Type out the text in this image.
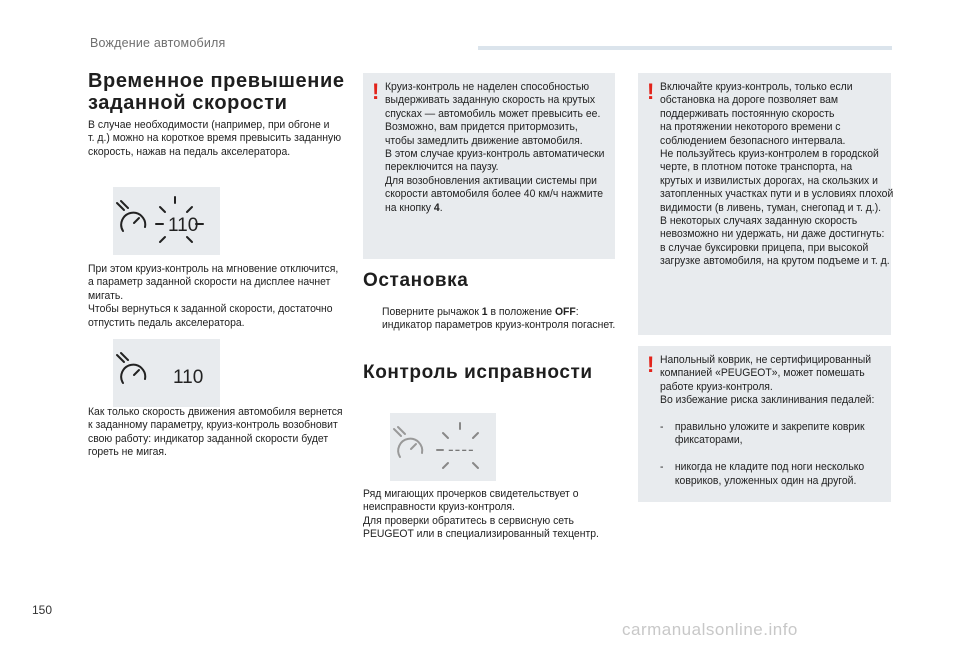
Вождение автомобиля
Временное превышение
заданной скорости
В случае необходимости (например, при обгоне и
т. д.) можно на короткое время превысить заданную
скорость, нажав на педаль акселератора.
110
При этом круиз-контроль на мгновение отключится,
а параметр заданной скорости на дисплее начнет
мигать.
Чтобы вернуться к заданной скорости, достаточно
отпустить педаль акселератора.
110
Как только скорость движения автомобиля вернется
к заданному параметру, круиз-контроль возобновит
свою работу: индикатор заданной скорости будет
гореть не мигая.
! Круиз-контроль не наделен способностью
выдерживать заданную скорость на крутых
спусках — автомобиль может превысить ее.
Возможно, вам придется притормозить,
чтобы замедлить движение автомобиля.
В этом случае круиз-контроль автоматически
переключится на паузу.
Для возобновления активации системы при
скорости автомобиля более 40 км/ч нажмите
на кнопку 4.
Остановка
Поверните рычажок 1 в положение OFF:
индикатор параметров круиз-контроля погаснет.
Контроль исправности
----
Ряд мигающих прочерков свидетельствует о
неисправности круиз-контроля.
Для проверки обратитесь в сервисную сеть
PEUGEOT или в специализированный техцентр.
! Включайте круиз-контроль, только если
обстановка на дороге позволяет вам
поддерживать постоянную скорость
на протяжении некоторого времени с
соблюдением безопасного интервала.
Не пользуйтесь круиз-контролем в городской
черте, в плотном потоке транспорта, на
крутых и извилистых дорогах, на скользких и
затопленных участках пути и в условиях плохой
видимости (в ливень, туман, снегопад и т. д.).
В некоторых случаях заданную скорость
невозможно ни удержать, ни даже достигнуть:
в случае буксировки прицепа, при высокой
загрузке автомобиля, на крутом подъеме и т. д.
! Напольный коврик, не сертифицированный
компанией «PEUGEOT», может помешать
работе круиз-контроля.
Во избежание риска заклинивания педалей:

-	правильно уложите и закрепите коврик
фиксаторами,

-	никогда не кладите под ноги несколько
ковриков, уложенных один на другой.

150
carmanualsonline.info
